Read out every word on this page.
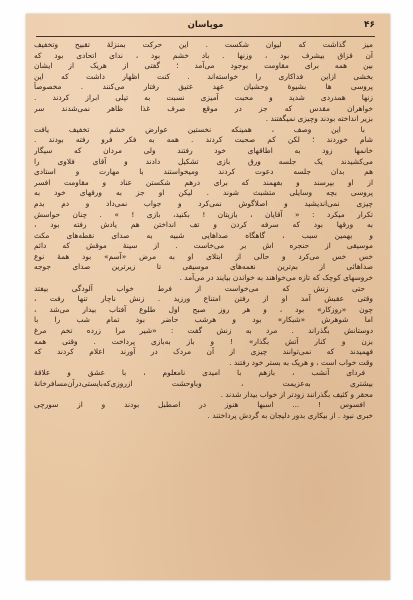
موپاسان	۴۶
میز گذاشت که لیوان شکست . این حرکت بمنزلهٔ تقبیح وتخفیف
آن قزاق بیشرف بود ، وزنها . باد خشم بود ، ندای اتحادی بود که
بین همه برای مقاومت بوجود می‌آمد ؛ گفتی از هریک از ایشان
بخشی ازاین فداکاری را خواسته‌اند . کنت اظهار داشت که این
پروسی ها بشیوهٔ وحشیان عهد عتیق رفتار می‌کنند . مخصوصاً
زنها همدردی شدید و محبت آمیزی نسبت به تپلی ابراز کردند .
خواهران مقدس که جز در موقع صرف غذا ظاهر نمی‌شدند سر
بزیر انداخته بودند وچیزی نمیگفتند .
با این وصف ، همینکه نخستین عوارض خشم تخفیف یافت
شام خوردند ؛ لکن کم صحبت کردند . همه به فکر فرو رفته بودند .
خانمها زود به اطاقهای خود رفتند ولی مردان که سیگار
می‌کشیدند یک جلسه ورق بازی تشکیل دادند و آقای فلاوی را
هم بدان جلسه دعوت کردند ومیخواستند با مهارت و استادی
از او بپرسند و بفهمند که برای درهم شکستن عناد و مقاومت افسر
پروسی بچه وسایلی متشبث شوند . لیکن او جز به ورقهای خود به
چیزی نمی‌اندیشید و اصلاگوش نمی‌کرد و جواب نمی‌داد و دم بدم
تکرار میکرد : « آقایان ، بازیتان ! بکنید، بازی ! » . چنان حواسش
به ورقها بود که سرفه کردن و تف انداختن هم یادش رفته بود ،
و بهمین سبب ، گاهگاه صداهایی شبیه به صدای نقطه‌های مکث
موسیقی از حنجره اش بر می‌خاست . از سینهٔ موقش که دائم
خس خس می‌کرد و حالی از ابتلای او به مرض «آسم» بود همهٔ نوع
صداهائی از بم‌ترین نغمه‌های موسیقی تا زیرترین صدای جوجه
خروسهای کوچک که تازه می‌خواهند به خواندن بیایند در می‌آمد .
حتی زنش که می‌خواست از فرط خواب آلودگی بیفتد
وقتی عقبش آمد او از رفتن امتناع ورزید . زنش ناچار تنها رفت ،
چون «روزکار» بود ، و هر روز صبح اول طلوع آفتاب بیدار می‌شد ،
اما شوهرش «شبکار» بود و هرشب حاضر بود تمام شب را با
دوستانش بگذراند . مرد به زنش گفت : «شیر مرا زرده تخم مرغ
بزن و کنار آتش بگذار» ! و باز به‌بازی پرداخت . وقتی همه
فهمیدند که نمی‌توانند چیزی از آن مردک در آورند اعلام کردند که
وقت خواب است ، و هریک به بستر خود رفتند .
فردای آنشب ، بازهم با امیدی نامعلوم ، با عشق و علاقهٔ
بیشتری به‌عزیمت ، وباوحشت ازروزی‌که‌بایستی‌درآن‌مسافرخانهٔ
محقر و کثیف بگذرانند زودتر از خواب بیدار شدند .
افسوس ! ... اسبها هنوز در اصطبل بودند و از سورچی
خبری نبود . از بیکاری بدور دلیجان به گردش پرداختند .
